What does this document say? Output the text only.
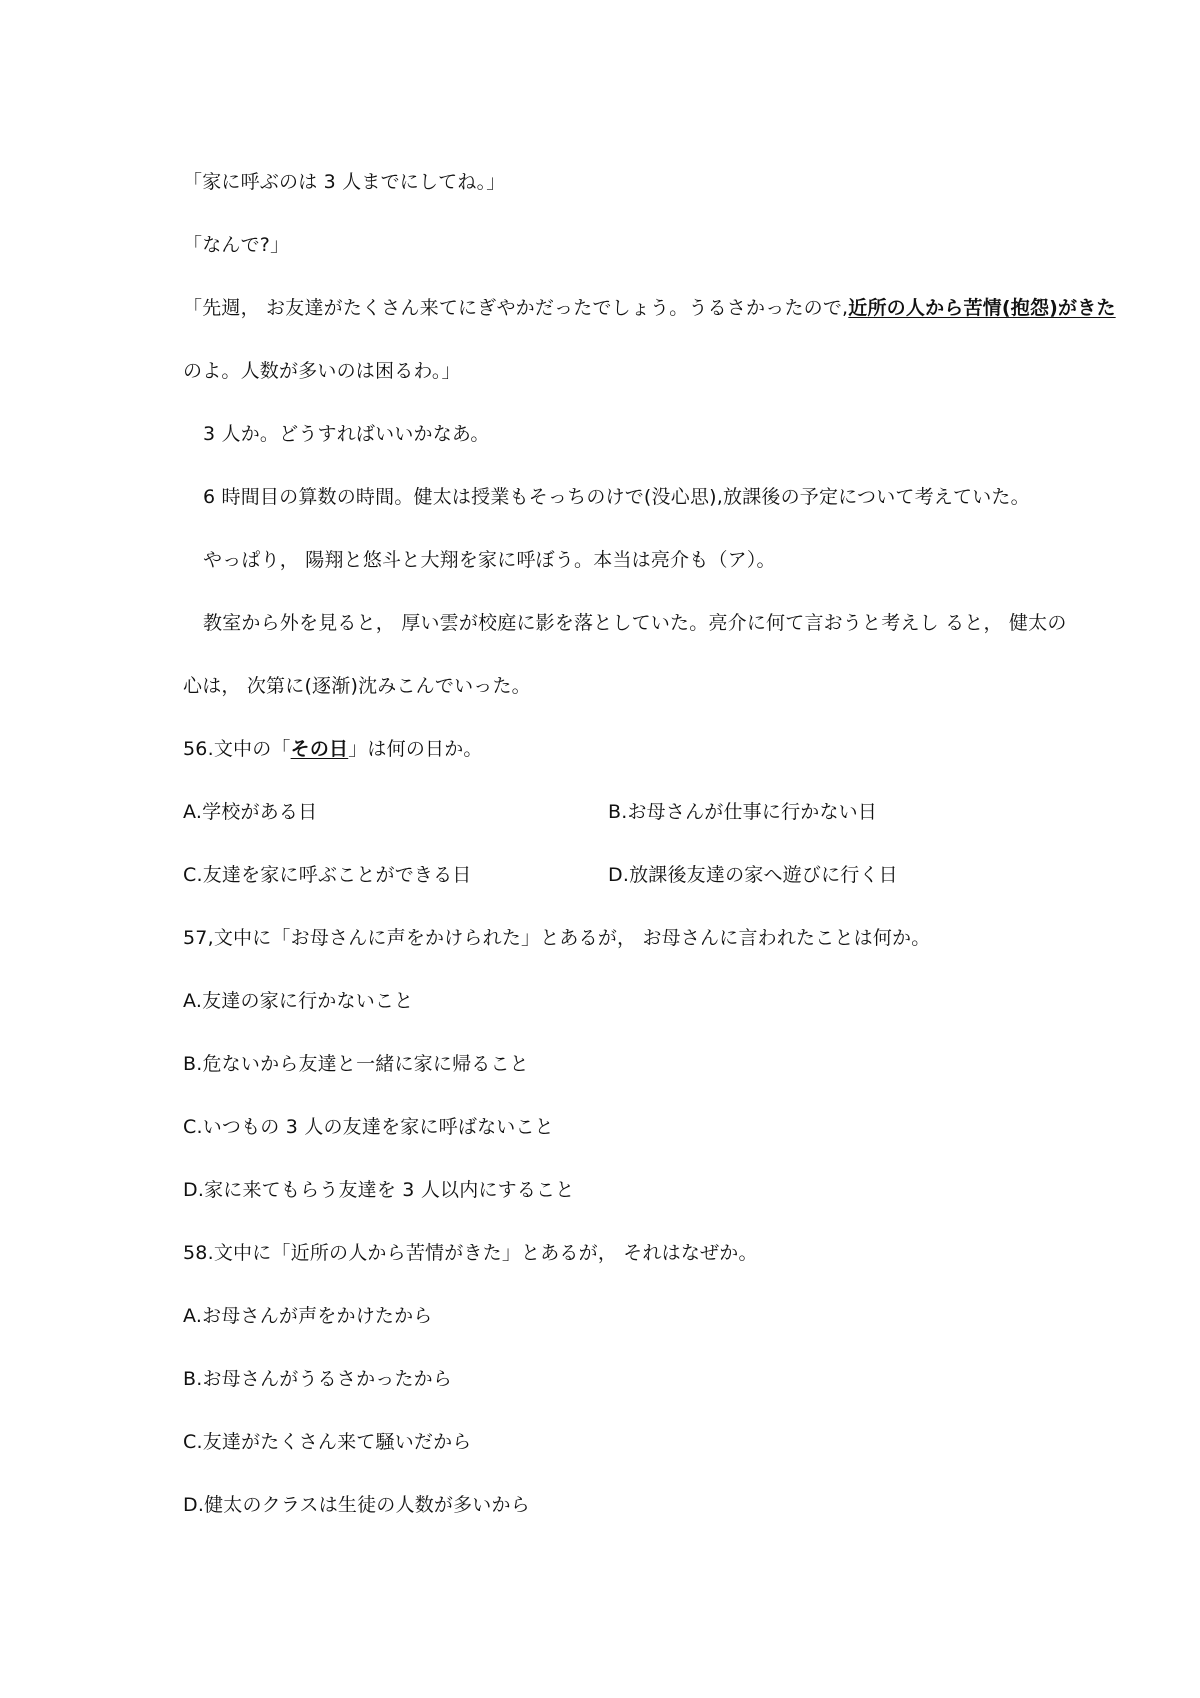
「家に呼ぶのは 3 人までにしてね。」
「なんで?」
「先週， お友達がたくさん来てにぎやかだったでしょう。うるさかったので,近所の人から苦情(抱怨)がきた
のよ。人数が多いのは困るわ。」
3 人か。どうすればいいかなあ。
6 時間目の算数の時間。健太は授業もそっちのけで(没心思),放課後の予定について考えていた。
やっぱり， 陽翔と悠斗と大翔を家に呼ぼう。本当は亮介も（ア）。
教室から外を見ると， 厚い雲が校庭に影を落としていた。亮介に何て言おうと考えし ると， 健太の
心は， 次第に(逐渐)沈みこんでいった。
56.文中の「その日」は何の日か。
A.学校がある日	B.お母さんが仕事に行かない日
C.友達を家に呼ぶことができる日	D.放課後友達の家へ遊びに行く日
57,文中に「お母さんに声をかけられた」とあるが， お母さんに言われたことは何か。
A.友達の家に行かないこと
B.危ないから友達と一緒に家に帰ること
C.いつもの 3 人の友達を家に呼ばないこと
D.家に来てもらう友達を 3 人以内にすること
58.文中に「近所の人から苦情がきた」とあるが， それはなぜか。
A.お母さんが声をかけたから
B.お母さんがうるさかったから
C.友達がたくさん来て騒いだから
D.健太のクラスは生徒の人数が多いから
